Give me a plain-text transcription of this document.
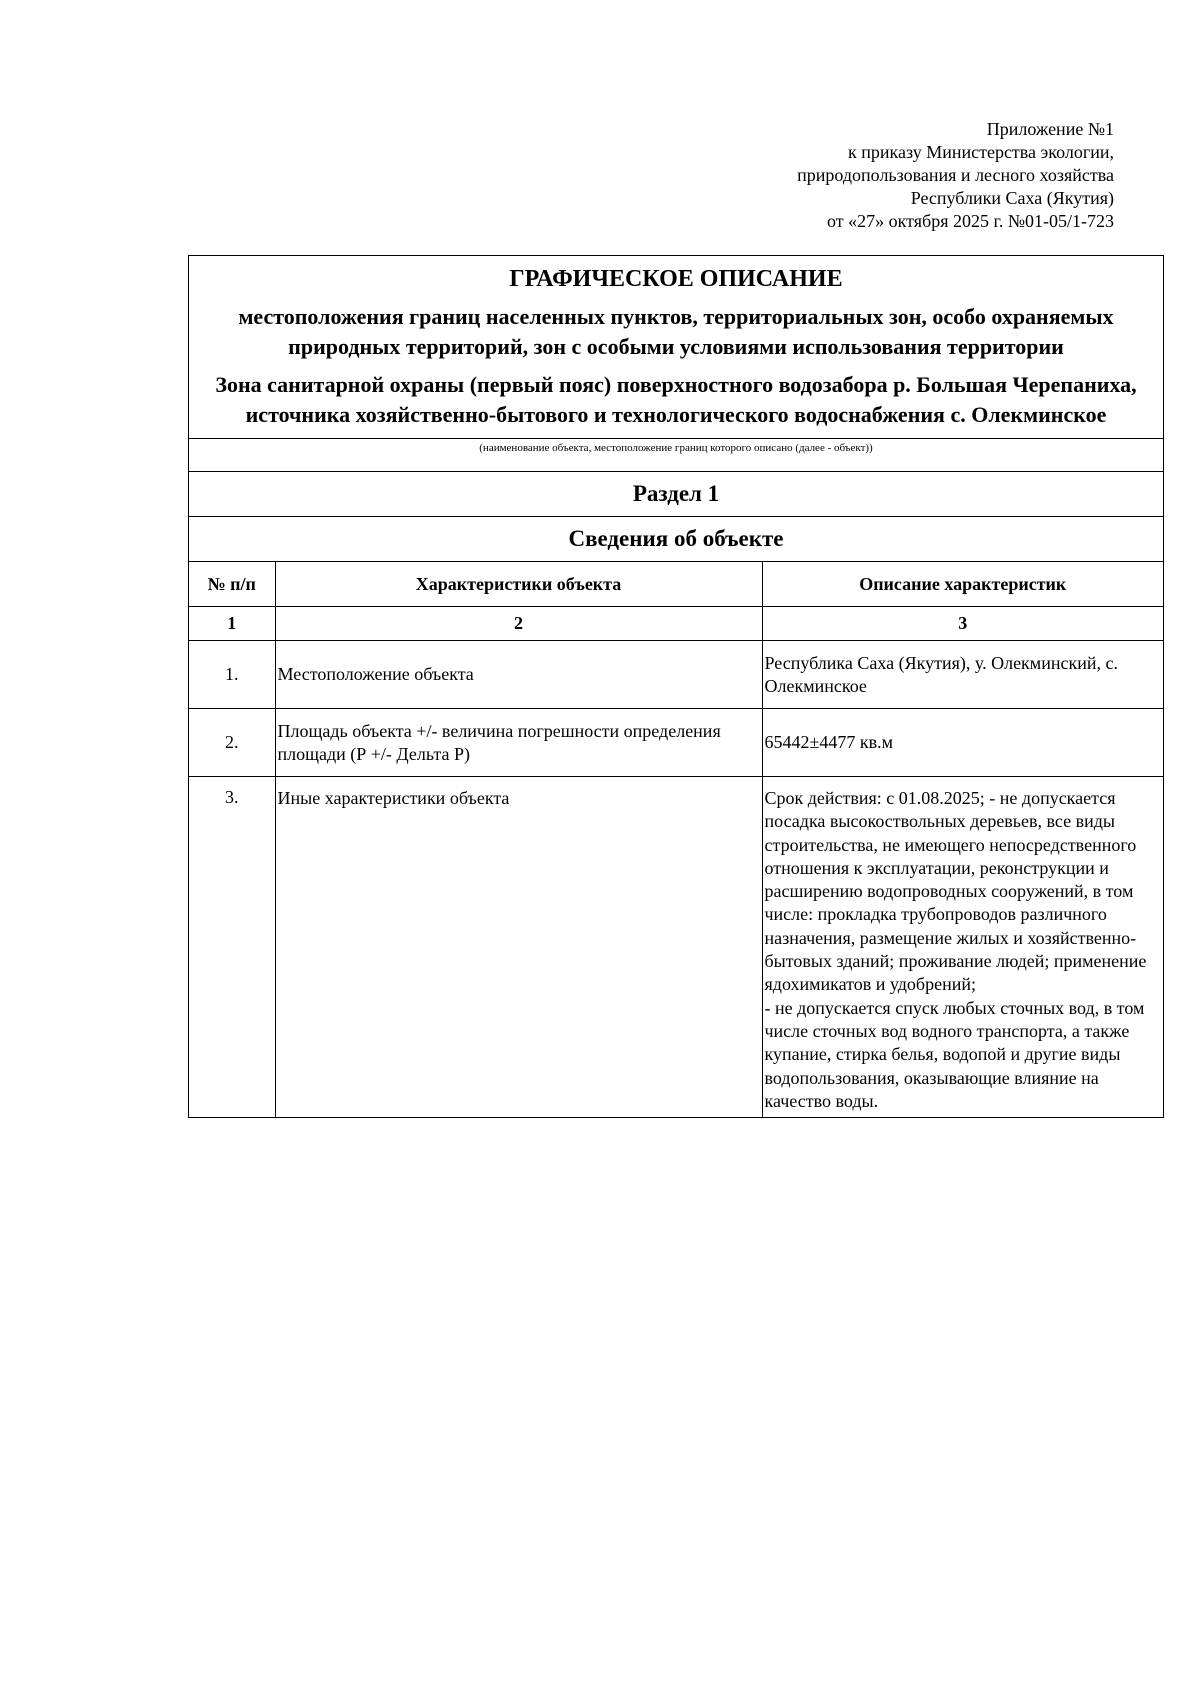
Приложение №1
к приказу Министерства экологии,
природопользования и лесного хозяйства
Республики Саха (Якутия)
от «27» октября 2025 г. №01-05/1-723
ГРАФИЧЕСКОЕ ОПИСАНИЕ
местоположения границ населенных пунктов, территориальных зон, особо охраняемых природных территорий, зон с особыми условиями использования территории
Зона санитарной охраны (первый пояс) поверхностного водозабора р. Большая Черепаниха, источника хозяйственно-бытового и технологического водоснабжения с. Олекминское
(наименование объекта, местоположение границ которого описано (далее - объект))
Раздел 1
Сведения об объекте
№ п/п	Характеристики объекта	Описание характеристик
1	2	3
1.	Местоположение объекта	Республика Саха (Якутия), у. Олекминский, с. Олекминское
2.	Площадь объекта +/- величина погрешности определения площади (Р +/- Дельта Р)	65442±4477 кв.м
3.	Иные характеристики объекта	Срок действия: с 01.08.2025; - не допускается посадка высокоствольных деревьев, все виды строительства, не имеющего непосредственного отношения к эксплуатации, реконструкции и расширению водопроводных сооружений, в том числе: прокладка трубопроводов различного назначения, размещение жилых и хозяйственно-бытовых зданий; проживание людей; применение ядохимикатов и удобрений;
- не допускается спуск любых сточных вод, в том числе сточных вод водного транспорта, а также купание, стирка белья, водопой и другие виды водопользования, оказывающие влияние на качество воды.
